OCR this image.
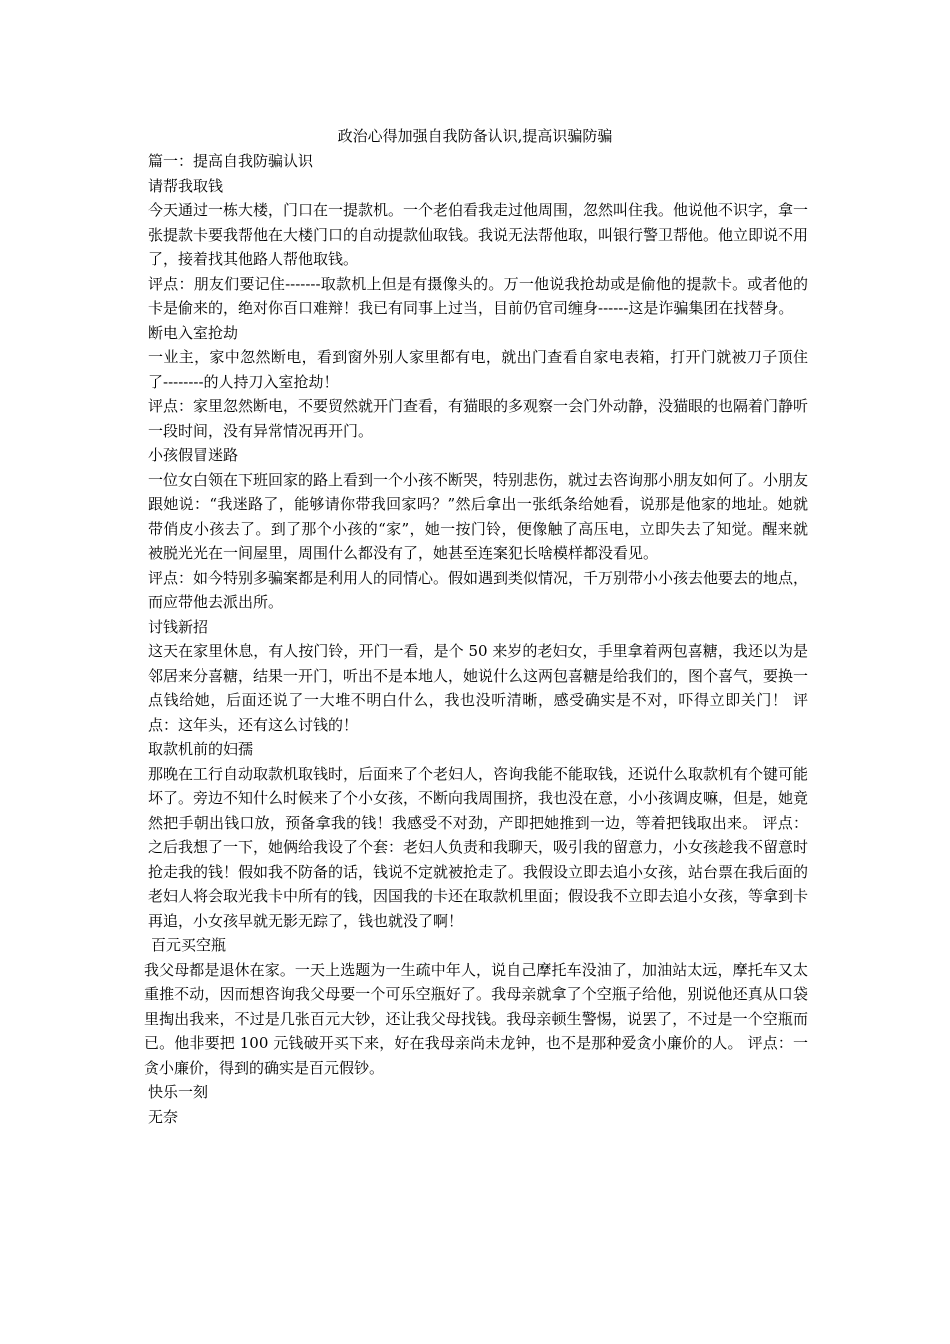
政治心得加强自我防备认识,提高识骗防骗

篇一：提高自我防骗认识

请帮我取钱

今天通过一栋大楼，门口在一提款机。一个老伯看我走过他周围，忽然叫住我。他说他不识字，拿一张提款卡要我帮他在大楼门口的自动提款仙取钱。我说无法帮他取，叫银行警卫帮他。他立即说不用了，接着找其他路人帮他取钱。

评点：朋友们要记住-------取款机上但是有摄像头的。万一他说我抢劫或是偷他的提款卡。或者他的卡是偷来的，绝对你百口难辩！我已有同事上过当，目前仍官司缠身------这是诈骗集团在找替身。

断电入室抢劫

一业主，家中忽然断电，看到窗外别人家里都有电，就出门查看自家电表箱，打开门就被刀子顶住了--------的人持刀入室抢劫！

评点：家里忽然断电，不要贸然就开门查看，有猫眼的多观察一会门外动静，没猫眼的也隔着门静听一段时间，没有异常情况再开门。

小孩假冒迷路

一位女白领在下班回家的路上看到一个小孩不断哭，特别悲伤，就过去咨询那小朋友如何了。小朋友跟她说：“我迷路了，能够请你带我回家吗？”然后拿出一张纸条给她看，说那是他家的地址。她就带俏皮小孩去了。到了那个小孩的“家”，她一按门铃，便像触了高压电，立即失去了知觉。醒来就被脱光光在一间屋里，周围什么都没有了，她甚至连案犯长啥模样都没看见。

评点：如今特别多骗案都是利用人的同情心。假如遇到类似情况，千万别带小小孩去他要去的地点，而应带他去派出所。

讨钱新招

这天在家里休息，有人按门铃，开门一看，是个 50 来岁的老妇女，手里拿着两包喜糖，我还以为是邻居来分喜糖，结果一开门，听出不是本地人，她说什么这两包喜糖是给我们的，图个喜气，要换一点钱给她，后面还说了一大堆不明白什么，我也没听清晰，感受确实是不对，吓得立即关门！ 评点：这年头，还有这么讨钱的！

取款机前的妇孺

那晚在工行自动取款机取钱时，后面来了个老妇人，咨询我能不能取钱，还说什么取款机有个键可能坏了。旁边不知什么时候来了个小女孩，不断向我周围挤，我也没在意，小小孩调皮嘛，但是，她竟然把手朝出钱口放，预备拿我的钱！我感受不对劲，产即把她推到一边，等着把钱取出来。 评点：之后我想了一下，她俩给我设了个套：老妇人负责和我聊天，吸引我的留意力，小女孩趁我不留意时抢走我的钱！假如我不防备的话，钱说不定就被抢走了。我假设立即去追小女孩，站台票在我后面的老妇人将会取光我卡中所有的钱，因国我的卡还在取款机里面；假设我不立即去追小女孩，等拿到卡再追，小女孩早就无影无踪了，钱也就没了啊！

百元买空瓶

我父母都是退休在家。一天上选题为一生疏中年人，说自己摩托车没油了，加油站太远，摩托车又太重推不动，因而想咨询我父母要一个可乐空瓶好了。我母亲就拿了个空瓶子给他，别说他还真从口袋里掏出我来，不过是几张百元大钞，还让我父母找钱。我母亲顿生警惕，说罢了，不过是一个空瓶而已。他非要把 100 元钱破开买下来，好在我母亲尚未龙钟，也不是那种爱贪小廉价的人。 评点：一贪小廉价，得到的确实是百元假钞。

快乐一刻

无奈
